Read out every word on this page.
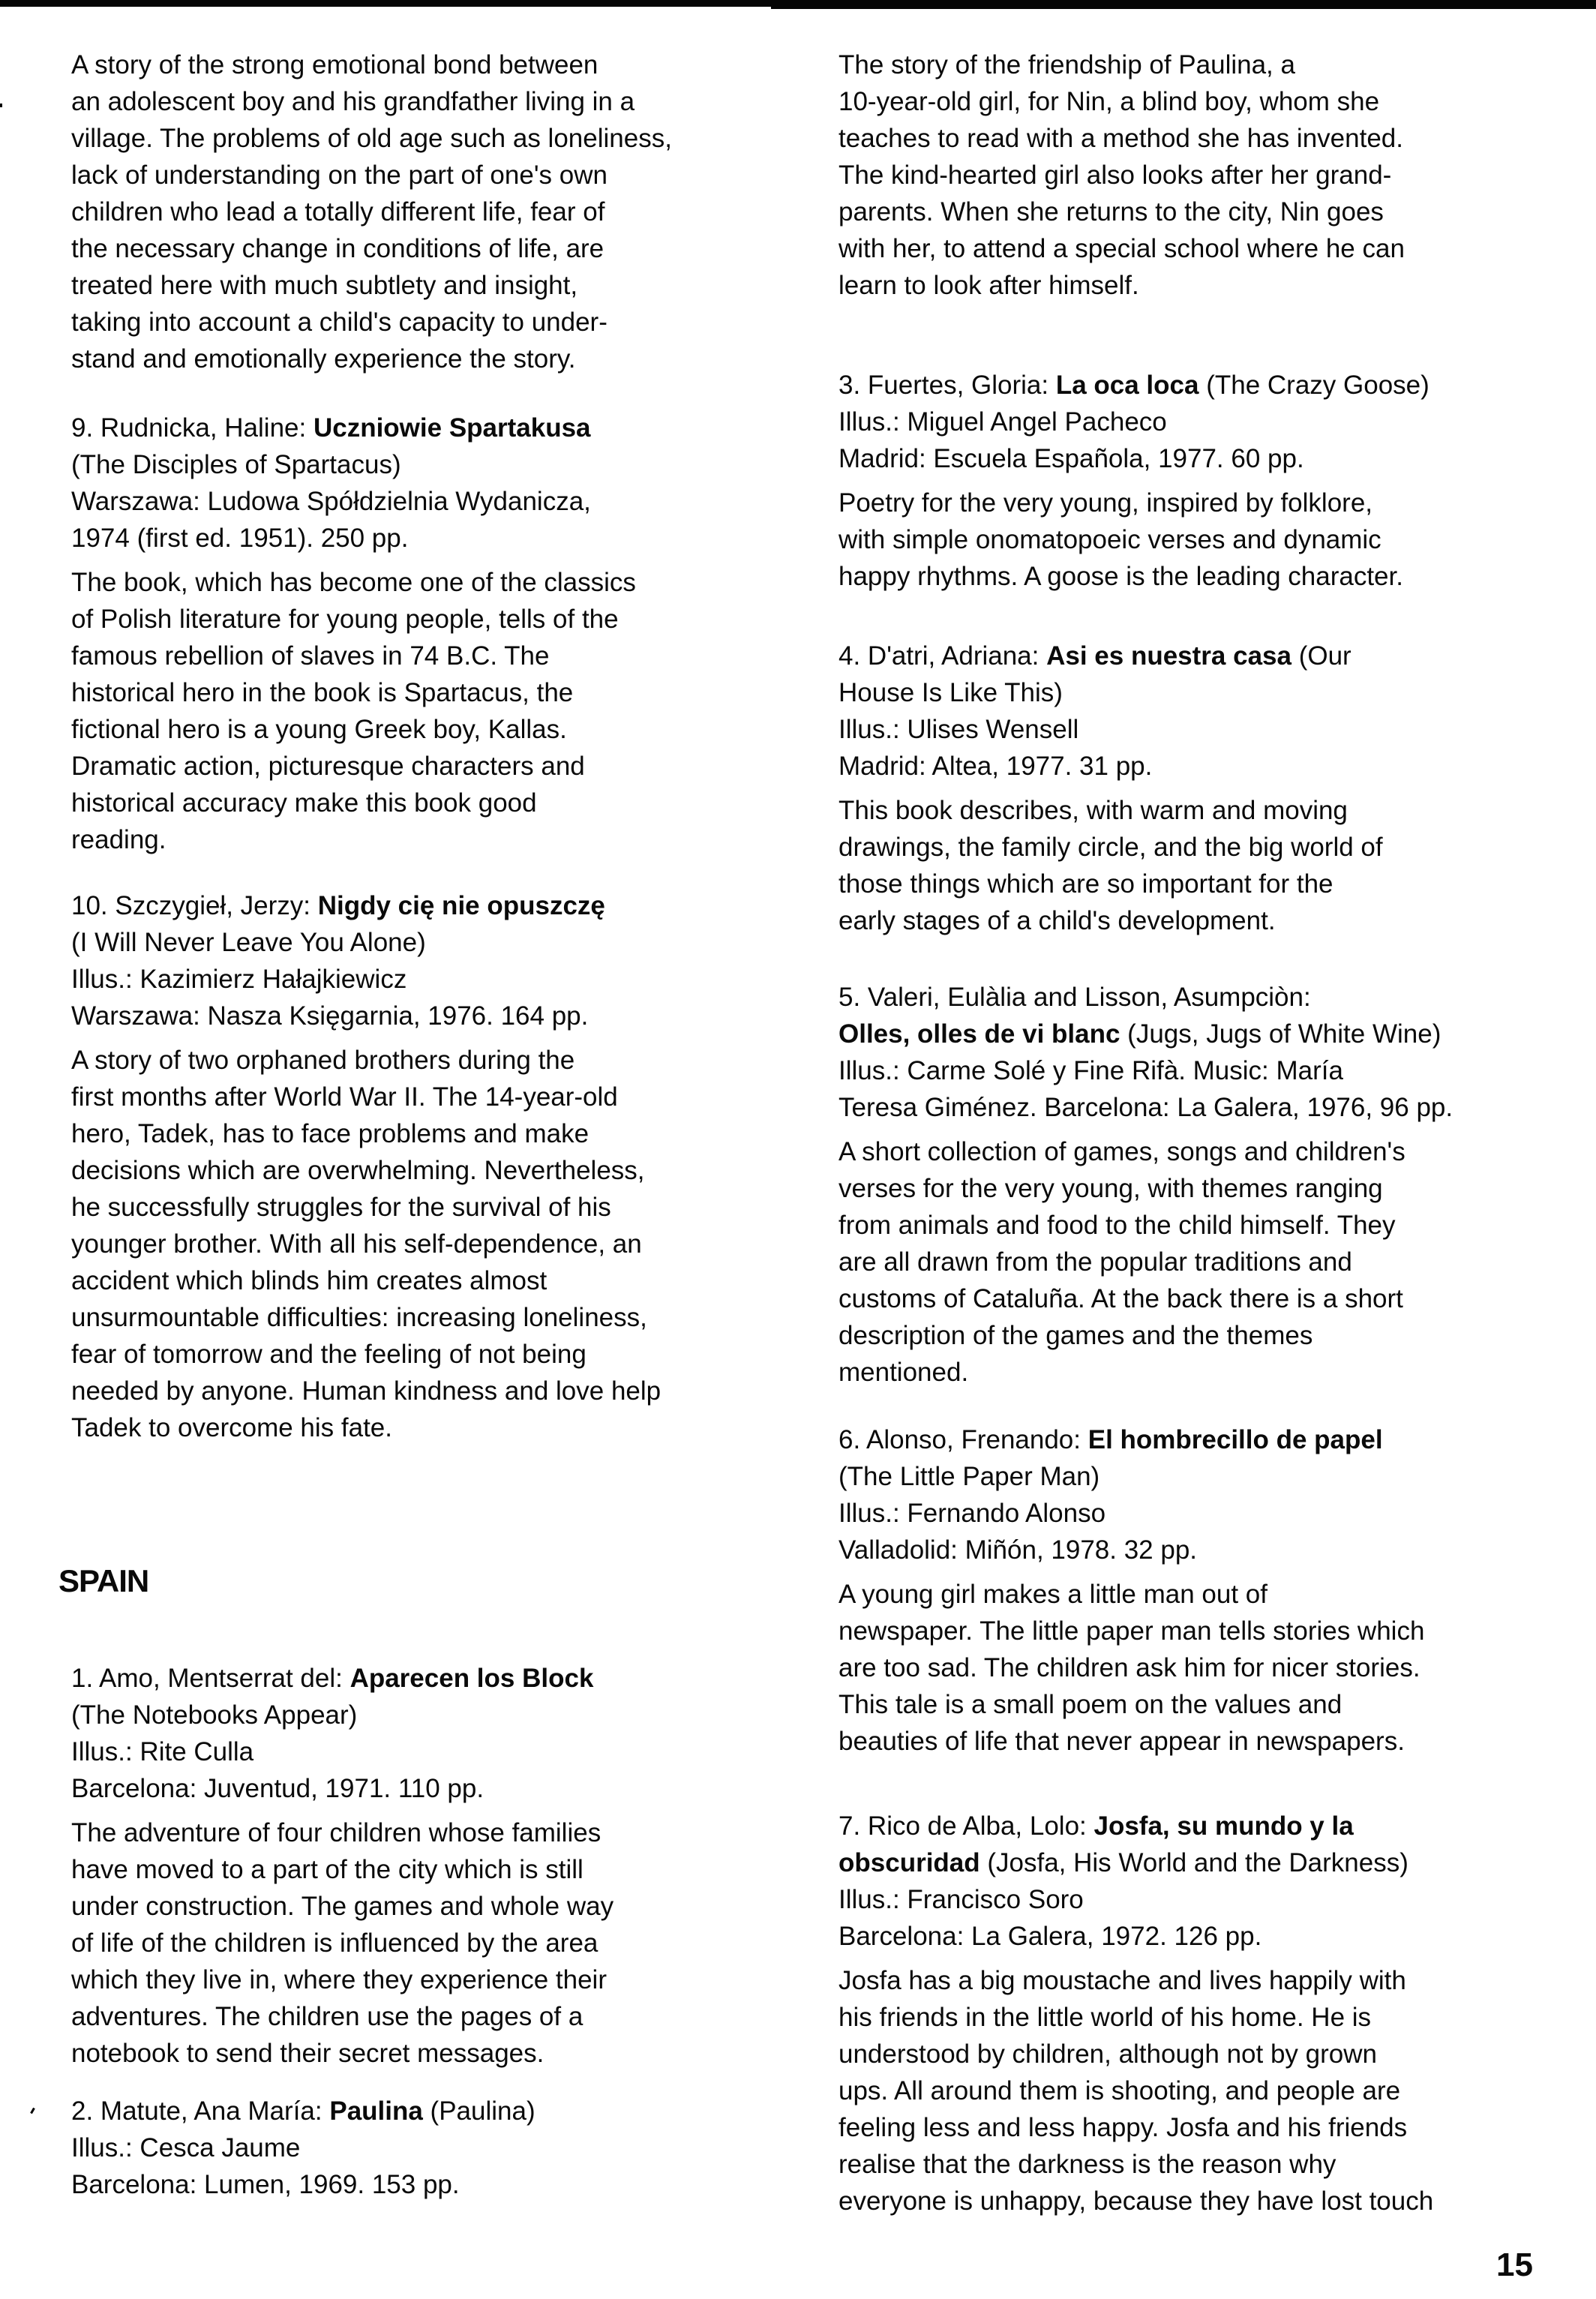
A story of the strong emotional bond between
an adolescent boy and his grandfather living in a
village. The problems of old age such as loneliness,
lack of understanding on the part of one's own
children who lead a totally different life, fear of
the necessary change in conditions of life, are
treated here with much subtlety and insight,
taking into account a child's capacity to under-
stand and emotionally experience the story.
9. Rudnicka, Haline: Uczniowie Spartakusa
(The Disciples of Spartacus)
Warszawa: Ludowa Spółdzielnia Wydanicza,
1974 (first ed. 1951). 250 pp.
The book, which has become one of the classics
of Polish literature for young people, tells of the
famous rebellion of slaves in 74 B.C. The
historical hero in the book is Spartacus, the
fictional hero is a young Greek boy, Kallas.
Dramatic action, picturesque characters and
historical accuracy make this book good
reading.
10. Szczygieł, Jerzy: Nigdy cię nie opuszczę
(I Will Never Leave You Alone)
Illus.: Kazimierz Hałajkiewicz
Warszawa: Nasza Księgarnia, 1976. 164 pp.
A story of two orphaned brothers during the
first months after World War II. The 14-year-old
hero, Tadek, has to face problems and make
decisions which are overwhelming. Nevertheless,
he successfully struggles for the survival of his
younger brother. With all his self-dependence, an
accident which blinds him creates almost
unsurmountable difficulties: increasing loneliness,
fear of tomorrow and the feeling of not being
needed by anyone. Human kindness and love help
Tadek to overcome his fate.
SPAIN
1. Amo, Mentserrat del: Aparecen los Block
(The Notebooks Appear)
Illus.: Rite Culla
Barcelona: Juventud, 1971. 110 pp.
The adventure of four children whose families
have moved to a part of the city which is still
under construction. The games and whole way
of life of the children is influenced by the area
which they live in, where they experience their
adventures. The children use the pages of a
notebook to send their secret messages.
2. Matute, Ana María: Paulina (Paulina)
Illus.: Cesca Jaume
Barcelona: Lumen, 1969. 153 pp.
The story of the friendship of Paulina, a
10-year-old girl, for Nin, a blind boy, whom she
teaches to read with a method she has invented.
The kind-hearted girl also looks after her grand-
parents. When she returns to the city, Nin goes
with her, to attend a special school where he can
learn to look after himself.
3. Fuertes, Gloria: La oca loca (The Crazy Goose)
Illus.: Miguel Angel Pacheco
Madrid: Escuela Española, 1977. 60 pp.
Poetry for the very young, inspired by folklore,
with simple onomatopoeic verses and dynamic
happy rhythms. A goose is the leading character.
4. D'atri, Adriana: Asi es nuestra casa (Our
House Is Like This)
Illus.: Ulises Wensell
Madrid: Altea, 1977. 31 pp.
This book describes, with warm and moving
drawings, the family circle, and the big world of
those things which are so important for the
early stages of a child's development.
5. Valeri, Eulàlia and Lisson, Asumpciòn:
Olles, olles de vi blanc (Jugs, Jugs of White Wine)
Illus.: Carme Solé y Fine Rifà. Music: María
Teresa Giménez. Barcelona: La Galera, 1976, 96 pp.
A short collection of games, songs and children's
verses for the very young, with themes ranging
from animals and food to the child himself. They
are all drawn from the popular traditions and
customs of Cataluña. At the back there is a short
description of the games and the themes
mentioned.
6. Alonso, Frenando: El hombrecillo de papel
(The Little Paper Man)
Illus.: Fernando Alonso
Valladolid: Miñón, 1978. 32 pp.
A young girl makes a little man out of
newspaper. The little paper man tells stories which
are too sad. The children ask him for nicer stories.
This tale is a small poem on the values and
beauties of life that never appear in newspapers.
7. Rico de Alba, Lolo: Josfa, su mundo y la
obscuridad (Josfa, His World and the Darkness)
Illus.: Francisco Soro
Barcelona: La Galera, 1972. 126 pp.
Josfa has a big moustache and lives happily with
his friends in the little world of his home. He is
understood by children, although not by grown
ups. All around them is shooting, and people are
feeling less and less happy. Josfa and his friends
realise that the darkness is the reason why
everyone is unhappy, because they have lost touch
15
